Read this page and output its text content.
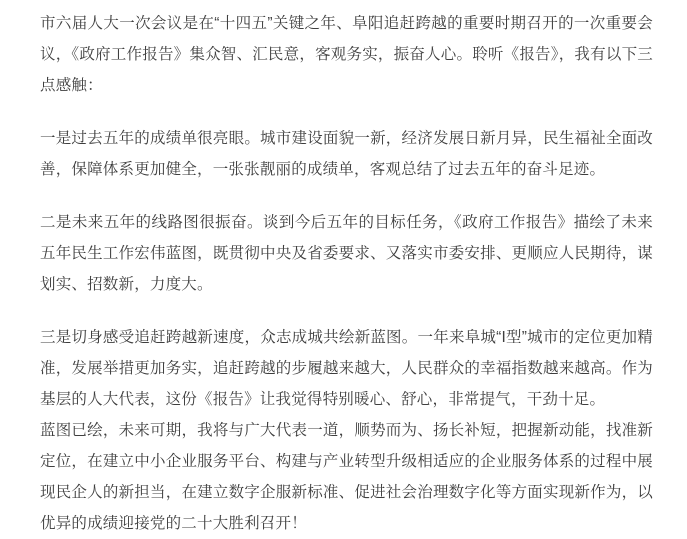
市六届人大一次会议是在“十四五”关键之年、阜阳追赶跨越的重要时期召开的一次重要会议，《政府工作报告》集众智、汇民意，客观务实，振奋人心。聆听《报告》，我有以下三点感触：

一是过去五年的成绩单很亮眼。城市建设面貌一新，经济发展日新月异，民生福祉全面改善，保障体系更加健全，一张张靓丽的成绩单，客观总结了过去五年的奋斗足迹。

二是未来五年的线路图很振奋。谈到今后五年的目标任务，《政府工作报告》描绘了未来五年民生工作宏伟蓝图，既贯彻中央及省委要求、又落实市委安排、更顺应人民期待，谋划实、招数新，力度大。

三是切身感受追赶跨越新速度，众志成城共绘新蓝图。一年来阜城“I型”城市的定位更加精准，发展举措更加务实，追赶跨越的步履越来越大，人民群众的幸福指数越来越高。作为基层的人大代表，这份《报告》让我觉得特别暖心、舒心，非常提气，干劲十足。

蓝图已绘，未来可期，我将与广大代表一道，顺势而为、扬长补短，把握新动能，找准新定位，在建立中小企业服务平台、构建与产业转型升级相适应的企业服务体系的过程中展现民企人的新担当，在建立数字企服新标准、促进社会治理数字化等方面实现新作为，以优异的成绩迎接党的二十大胜利召开！
